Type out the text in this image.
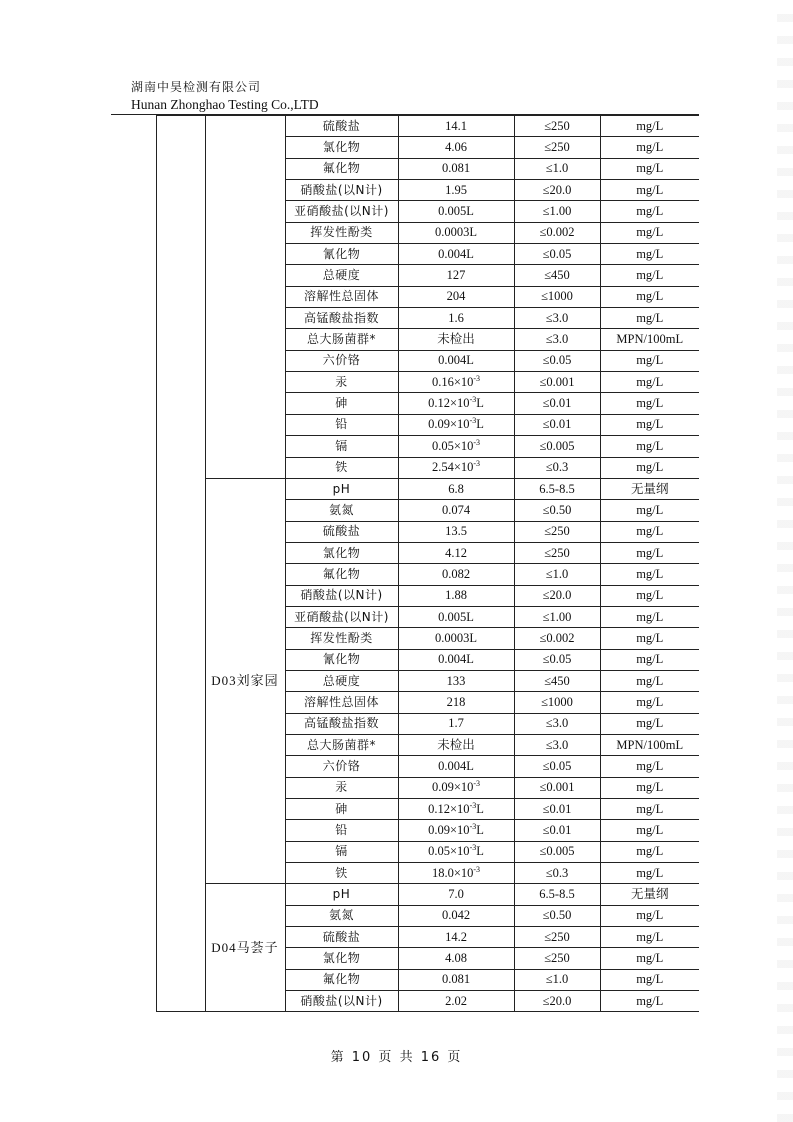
湖南中昊检测有限公司
Hunan Zhonghao Testing Co.,LTD
			硫酸盐	14.1	≤250	mg/L
			氯化物	4.06	≤250	mg/L
			氟化物	0.081	≤1.0	mg/L
			硝酸盐(以N计)	1.95	≤20.0	mg/L
			亚硝酸盐(以N计)	0.005L	≤1.00	mg/L
			挥发性酚类	0.0003L	≤0.002	mg/L
			氰化物	0.004L	≤0.05	mg/L
			总硬度	127	≤450	mg/L
			溶解性总固体	204	≤1000	mg/L
			高锰酸盐指数	1.6	≤3.0	mg/L
			总大肠菌群*	未检出	≤3.0	MPN/100mL
			六价铬	0.004L	≤0.05	mg/L
			汞	$0.16\times 10^{-3}$	≤0.001	mg/L
			砷	$0.12\times 10^{-3}L$	≤0.01	mg/L
			铅	$0.09\times 10^{-3}L$	≤0.01	mg/L
			镉	$0.05\times 10^{-3}$	≤0.005	mg/L
			铁	$2.54\times 10^{-3}$	≤0.3	mg/L
		D03刘家园	pH	6.8	6.5-8.5	无量纲
			氨氮	0.074	≤0.50	mg/L
			硫酸盐	13.5	≤250	mg/L
			氯化物	4.12	≤250	mg/L
			氟化物	0.082	≤1.0	mg/L
			硝酸盐(以N计)	1.88	≤20.0	mg/L
			亚硝酸盐(以N计)	0.005L	≤1.00	mg/L
			挥发性酚类	0.0003L	≤0.002	mg/L
			氰化物	0.004L	≤0.05	mg/L
			总硬度	133	≤450	mg/L
			溶解性总固体	218	≤1000	mg/L
			高锰酸盐指数	1.7	≤3.0	mg/L
			总大肠菌群*	未检出	≤3.0	MPN/100mL
			六价铬	0.004L	≤0.05	mg/L
			汞	$0.09\times 10^{-3}$	≤0.001	mg/L
			砷	$0.12\times 10^{-3}L$	≤0.01	mg/L
			铅	$0.09\times 10^{-3}L$	≤0.01	mg/L
			镉	$0.05\times 10^{-3}L$	≤0.005	mg/L
			铁	$18.0\times 10^{-3}$	≤0.3	mg/L
		D04马荟子	pH	7.0	6.5-8.5	无量纲
			氨氮	0.042	≤0.50	mg/L
			硫酸盐	14.2	≤250	mg/L
			氯化物	4.08	≤250	mg/L
			氟化物	0.081	≤1.0	mg/L
			硝酸盐(以N计)	2.02	≤20.0	mg/L
第 10 页 共 16 页
